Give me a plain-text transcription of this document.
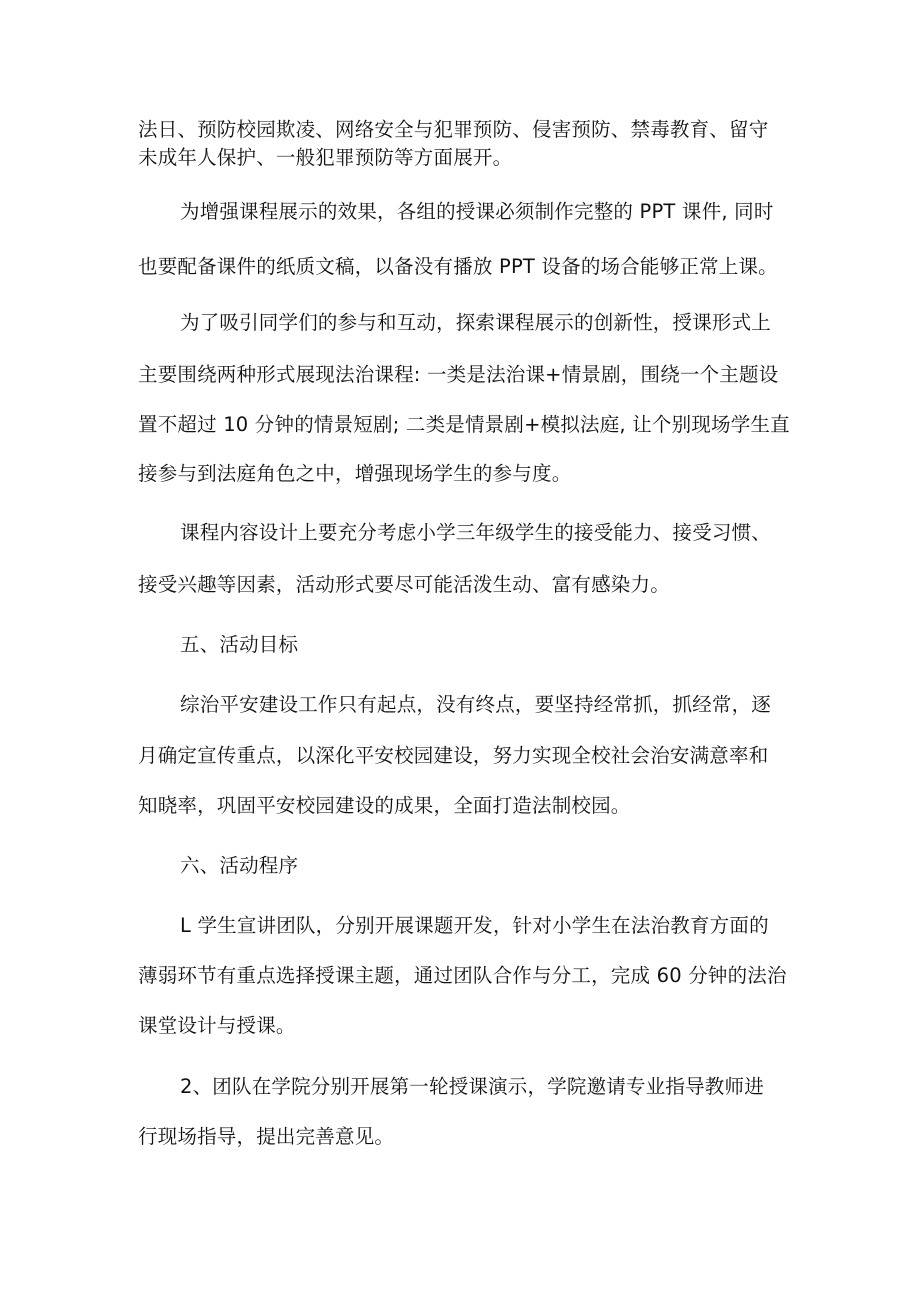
法日、预防校园欺凌、网络安全与犯罪预防、侵害预防、禁毒教育、留守
未成年人保护、一般犯罪预防等方面展开。
为增强课程展示的效果，各组的授课必须制作完整的 PPT 课件, 同时
也要配备课件的纸质文稿，以备没有播放 PPT 设备的场合能够正常上课。
为了吸引同学们的参与和互动，探索课程展示的创新性，授课形式上
主要围绕两种形式展现法治课程: 一类是法治课+情景剧，围绕一个主题设
置不超过 10 分钟的情景短剧; 二类是情景剧+模拟法庭, 让个别现场学生直
接参与到法庭角色之中，增强现场学生的参与度。
课程内容设计上要充分考虑小学三年级学生的接受能力、接受习惯、
接受兴趣等因素，活动形式要尽可能活泼生动、富有感染力。
五、活动目标
综治平安建设工作只有起点，没有终点，要坚持经常抓，抓经常，逐
月确定宣传重点，以深化平安校园建设，努力实现全校社会治安满意率和
知晓率，巩固平安校园建设的成果，全面打造法制校园。
六、活动程序
L 学生宣讲团队，分别开展课题开发，针对小学生在法治教育方面的
薄弱环节有重点选择授课主题，通过团队合作与分工，完成 60 分钟的法治
课堂设计与授课。
2、团队在学院分别开展第一轮授课演示，学院邀请专业指导教师进
行现场指导，提出完善意见。
